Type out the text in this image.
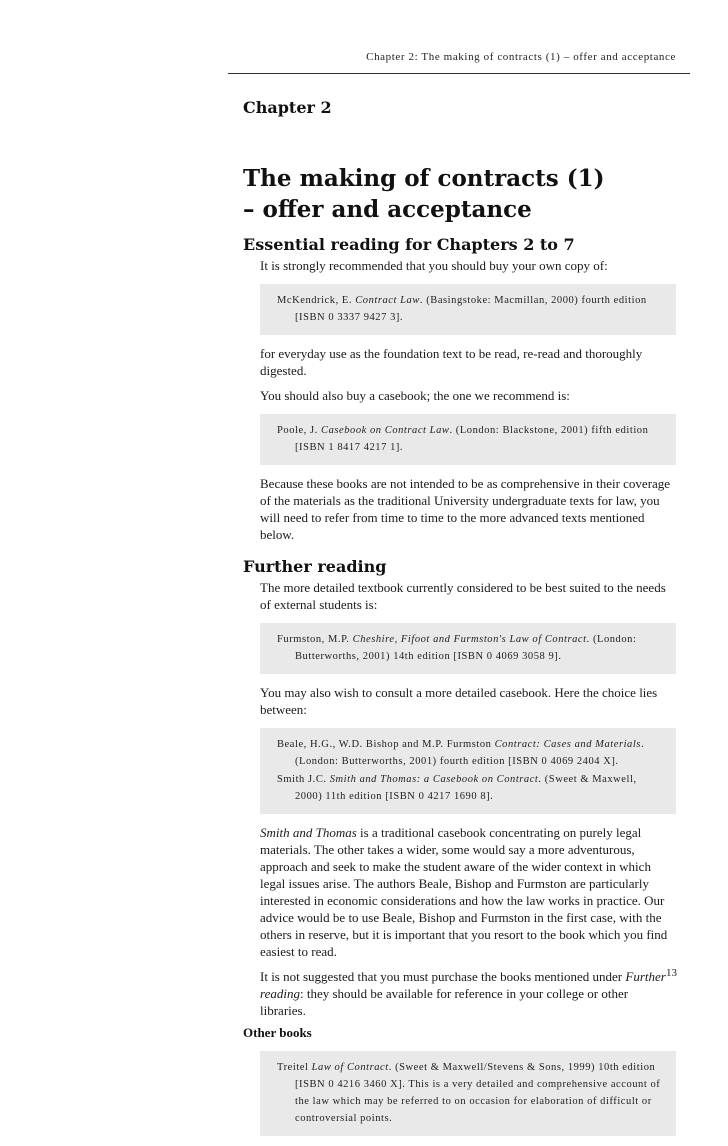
Chapter 2: The making of contracts (1) – offer and acceptance
Chapter 2
The making of contracts (1)
– offer and acceptance
Essential reading for Chapters 2 to 7

It is strongly recommended that you should buy your own copy of:

McKendrick, E. Contract Law. (Basingstoke: Macmillan, 2000) fourth edition [ISBN 0 3337 9427 3].

for everyday use as the foundation text to be read, re-read and thoroughly digested.

You should also buy a casebook; the one we recommend is:

Poole, J. Casebook on Contract Law. (London: Blackstone, 2001) fifth edition [ISBN 1 8417 4217 1].

Because these books are not intended to be as comprehensive in their coverage of the materials as the traditional University undergraduate texts for law, you will need to refer from time to time to the more advanced texts mentioned below.

Further reading

The more detailed textbook currently considered to be best suited to the needs of external students is:

Furmston, M.P. Cheshire, Fifoot and Furmston's Law of Contract. (London: Butterworths, 2001) 14th edition [ISBN 0 4069 3058 9].

You may also wish to consult a more detailed casebook. Here the choice lies between:

Beale, H.G., W.D. Bishop and M.P. Furmston Contract: Cases and Materials. (London: Butterworths, 2001) fourth edition [ISBN 0 4069 2404 X].
Smith J.C. Smith and Thomas: a Casebook on Contract. (Sweet & Maxwell, 2000) 11th edition [ISBN 0 4217 1690 8].

Smith and Thomas is a traditional casebook concentrating on purely legal materials. The other takes a wider, some would say a more adventurous, approach and seek to make the student aware of the wider context in which legal issues arise. The authors Beale, Bishop and Furmston are particularly interested in economic considerations and how the law works in practice. Our advice would be to use Beale, Bishop and Furmston in the first case, with the others in reserve, but it is important that you resort to the book which you find easiest to read.

It is not suggested that you must purchase the books mentioned under Further reading: they should be available for reference in your college or other libraries.

Other books
Treitel Law of Contract. (Sweet & Maxwell/Stevens & Sons, 1999) 10th edition [ISBN 0 4216 3460 X]. This is a very detailed and comprehensive account of the law which may be referred to on occasion for elaboration of difficult or controversial points.
13
